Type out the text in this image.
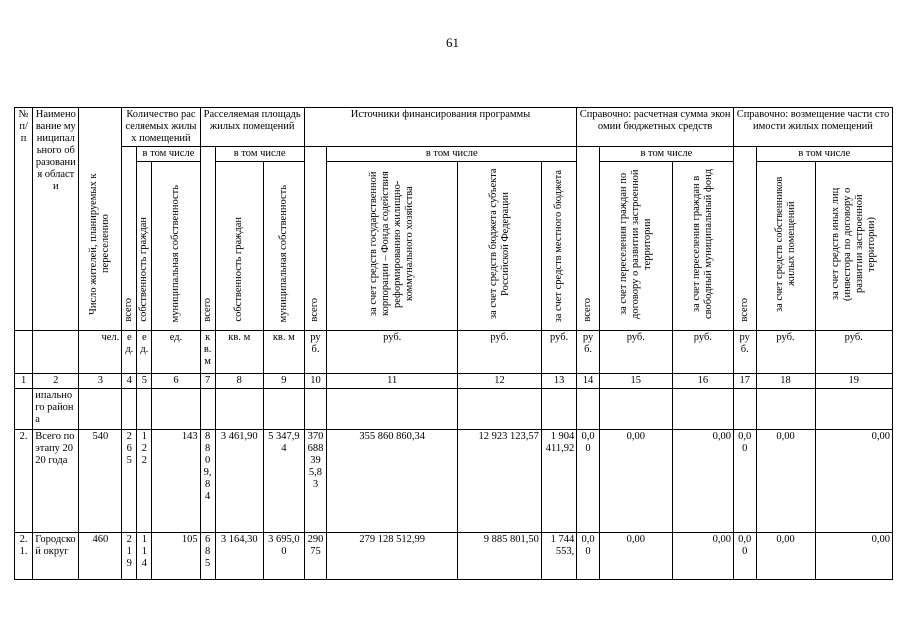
61
№ п/п	Наименование муниципального образования области	Число жителей, планируемых к переселению	Количество расселяемых жилых помещений			Расселяемая площадь жилых помещений			Источники финансирования программы				Справочно: расчетная сумма экономии бюджетных средств			Справочно: возмещение части стоимости жилых помещений		
			всего	в том числе		всего	в том числе		всего	в том числе			всего	в том числе		всего	в том числе	
				собственность граждан	муниципальная собственность		собственность граждан	муниципальная собственность		за счет средств государственной корпорации – Фонда содействия реформированию жилищно-коммунального хозяйства	за счет средств бюджета субъекта Российской Федерации	за счет средств местного бюджета		за счет переселения граждан по договору о развитии застроенной территории	за счет переселения граждан в свободный муниципальный фонд		за счет средств собственников жилых помещений	за счет средств иных лиц (инвестора по договору о развитии застроенной территории)
		чел.	ед.	ед.	ед.	кв. м	кв. м	кв. м	руб.	руб.	руб.	руб.	руб.	руб.	руб.	руб.	руб.	руб.
1	2	3	4	5	6	7	8	9	10	11	12	13	14	15	16	17	18	19
	ипального района																	
2.	Всего по этапу 2020 года	540	265	122	143	8809,84	3 461,90	5 347,94	370688395,83	355 860 860,34	12 923 123,57	1 904 411,92	0,00	0,00	0,00	0,00	0,00	0,00
2.1.	Городской округ	460	219	114	105	685	3 164,30	3 695,00	29075	279 128 512,99	9 885 801,50	1 744 553,	0,00	0,00	0,00	0,00	0,00	0,00
